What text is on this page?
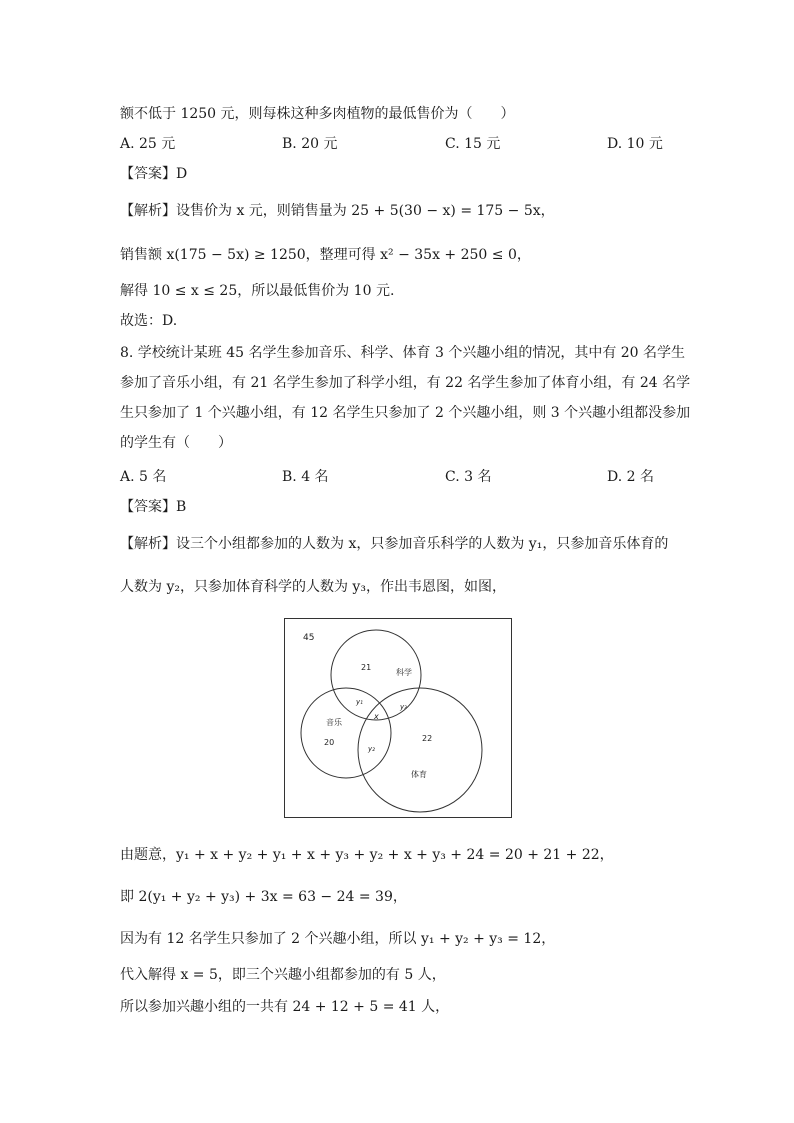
额不低于 1250 元，则每株这种多肉植物的最低售价为（　　）
A. 25 元	B. 20 元	C. 15 元	D. 10 元
【答案】D
【解析】设售价为 x 元，则销售量为 25 + 5(30 − x) = 175 − 5x，
销售额 x(175 − 5x) ≥ 1250，整理可得 x² − 35x + 250 ≤ 0，
解得 10 ≤ x ≤ 25，所以最低售价为 10 元.
故选：D.
8. 学校统计某班 45 名学生参加音乐、科学、体育 3 个兴趣小组的情况，其中有 20 名学生
参加了音乐小组，有 21 名学生参加了科学小组，有 22 名学生参加了体育小组，有 24 名学
生只参加了 1 个兴趣小组，有 12 名学生只参加了 2 个兴趣小组，则 3 个兴趣小组都没参加
的学生有（　　）
A. 5 名	B. 4 名	C. 3 名	D. 2 名
【答案】B
【解析】设三个小组都参加的人数为 x，只参加音乐科学的人数为 y₁，只参加音乐体育的
人数为 y₂，只参加体育科学的人数为 y₃，作出韦恩图，如图，
45
21
科学
y₁
y₃
x
音乐
20	22
y₂
体育
由题意，y₁ + x + y₂ + y₁ + x + y₃ + y₂ + x + y₃ + 24 = 20 + 21 + 22，
即 2(y₁ + y₂ + y₃) + 3x = 63 − 24 = 39，
因为有 12 名学生只参加了 2 个兴趣小组，所以 y₁ + y₂ + y₃ = 12，
代入解得 x = 5，即三个兴趣小组都参加的有 5 人，
所以参加兴趣小组的一共有 24 + 12 + 5 = 41 人，
